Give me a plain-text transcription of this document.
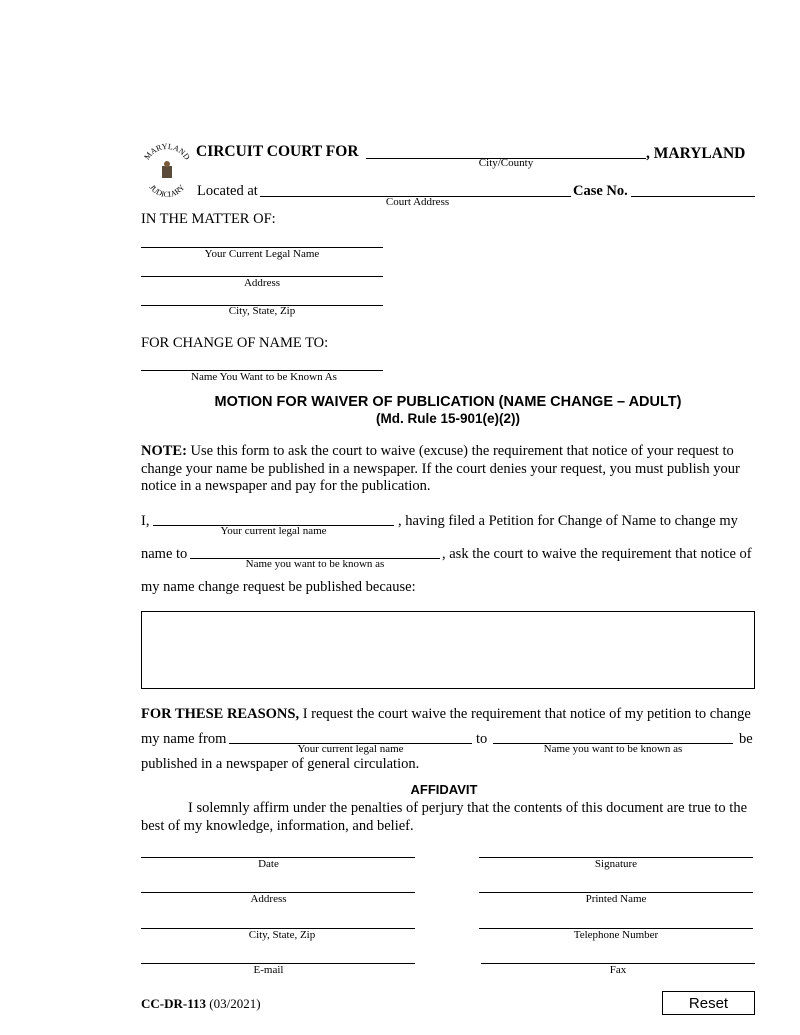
MARYLAND
JUDICIARY
CIRCUIT COURT FOR
City/County
, MARYLAND
Located at
Court Address
Case No.
IN THE MATTER OF:
Your Current Legal Name
Address
City, State, Zip
FOR CHANGE OF NAME TO:
Name You Want to be Known As
MOTION FOR WAIVER OF PUBLICATION (NAME CHANGE – ADULT)
(Md. Rule 15-901(e)(2))
NOTE: Use this form to ask the court to waive (excuse) the requirement that notice of your request to change your name be published in a newspaper. If the court denies your request, you must publish your notice in a newspaper and pay for the publication.
I,
Your current legal name
, having filed a Petition for Change of Name to change my
name to
Name you want to be known as
, ask the court to waive the requirement that notice of
my name change request be published because:
FOR THESE REASONS, I request the court waive the requirement that notice of my petition to change
my name from
Your current legal name
to
Name you want to be known as
be
published in a newspaper of general circulation.
AFFIDAVIT
I solemnly affirm under the penalties of perjury that the contents of this document are true to the best of my knowledge, information, and belief.
Date
Address
City, State, Zip
E-mail
Signature
Printed Name
Telephone Number
Fax
CC-DR-113 (03/2021)	Reset
